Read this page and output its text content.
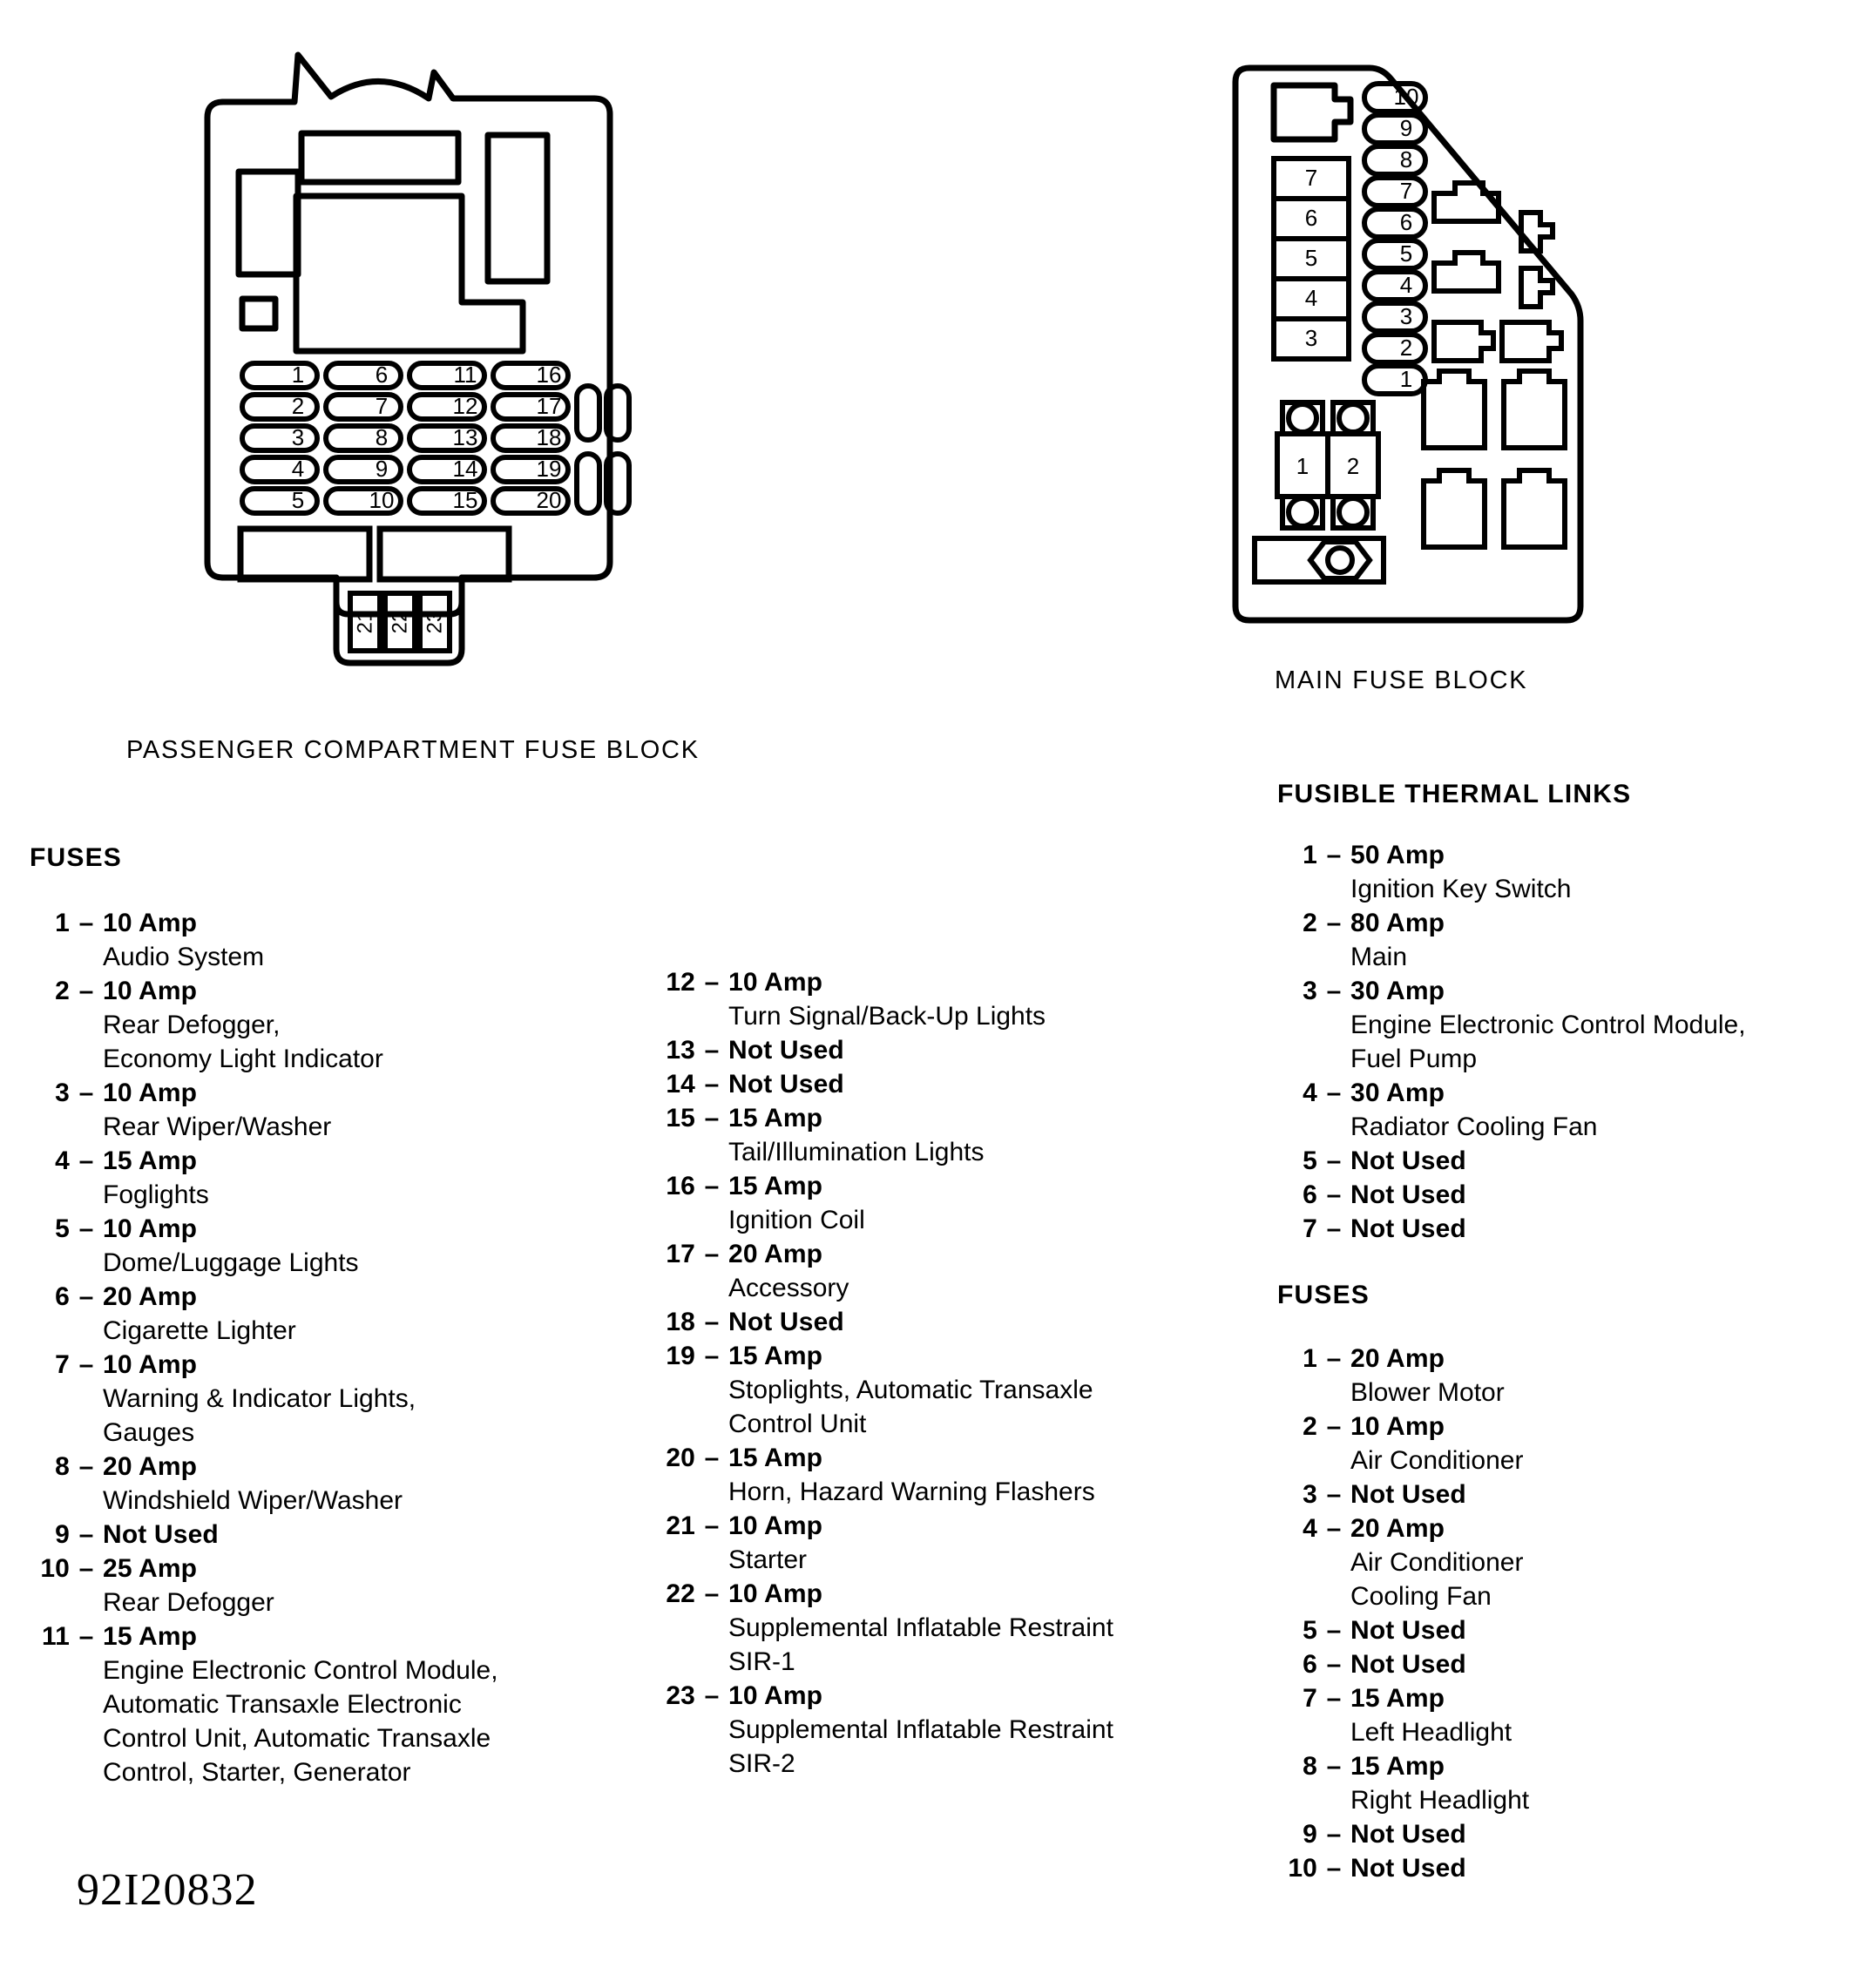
1
2
3
4
5
6
7
8
9
10
11
12
13
14
15
16
17
18
19
20
21 22 23
PASSENGER COMPARTMENT FUSE BLOCK
7
6
5
4
3
10
9
8
7
6
5
4
3
2
1
1 2
MAIN FUSE BLOCK
FUSES
1 – 10 Amp
Audio System
2 – 10 Amp
Rear Defogger,
Economy Light Indicator
3 – 10 Amp
Rear Wiper/Washer
4 – 15 Amp
Foglights
5 – 10 Amp
Dome/Luggage Lights
6 – 20 Amp
Cigarette Lighter
7 – 10 Amp
Warning & Indicator Lights,
Gauges
8 – 20 Amp
Windshield Wiper/Washer
9 – Not Used
10 – 25 Amp
Rear Defogger
11 – 15 Amp
Engine Electronic Control Module,
Automatic Transaxle Electronic
Control Unit, Automatic Transaxle
Control, Starter, Generator
12 – 10 Amp
Turn Signal/Back-Up Lights
13 – Not Used
14 – Not Used
15 – 15 Amp
Tail/Illumination Lights
16 – 15 Amp
Ignition Coil
17 – 20 Amp
Accessory
18 – Not Used
19 – 15 Amp
Stoplights, Automatic Transaxle
Control Unit
20 – 15 Amp
Horn, Hazard Warning Flashers
21 – 10 Amp
Starter
22 – 10 Amp
Supplemental Inflatable Restraint
SIR-1
23 – 10 Amp
Supplemental Inflatable Restraint
SIR-2
FUSIBLE THERMAL LINKS
1 – 50 Amp
Ignition Key Switch
2 – 80 Amp
Main
3 – 30 Amp
Engine Electronic Control Module,
Fuel Pump
4 – 30 Amp
Radiator Cooling Fan
5 – Not Used
6 – Not Used
7 – Not Used
FUSES
1 – 20 Amp
Blower Motor
2 – 10 Amp
Air Conditioner
3 – Not Used
4 – 20 Amp
Air Conditioner
Cooling Fan
5 – Not Used
6 – Not Used
7 – 15 Amp
Left Headlight
8 – 15 Amp
Right Headlight
9 – Not Used
10 – Not Used
92I20832
